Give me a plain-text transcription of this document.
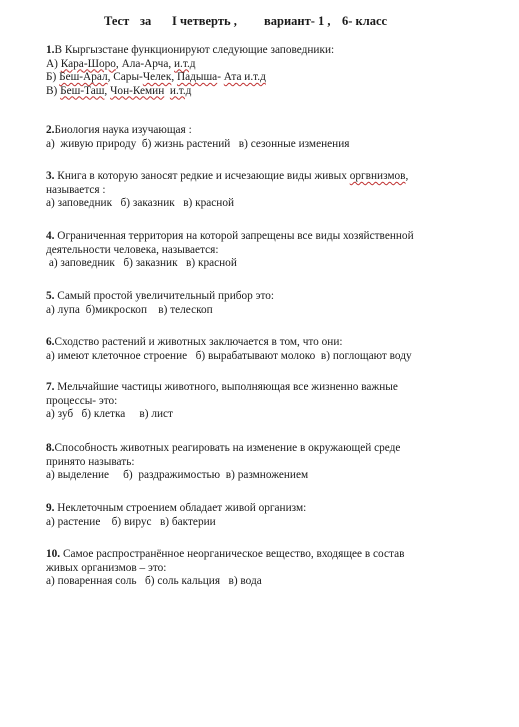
Тест за I четверть , вариант- 1 , 6- класс
1.В Кыргызстане функционируют следующие заповедники:
А) Кара-Шоро, Ала-Арча, и.т.д
Б) Беш-Арал, Сары-Челек, Падыша- Ата и.т.д
В) Беш-Таш, Чон-Кемин и.т.д
2.Биология наука изучающая :
а)  живую природу  б) жизнь растений   в) сезонные изменения
3. Книга в которую заносят редкие и исчезающие виды живых оргвнизмов,
называется :
а) заповедник   б) заказник   в) красной
4. Ограниченная территория на которой запрещены все виды хозяйственной
деятельности человека, называется:
а) заповедник   б) заказник   в) красной
5. Самый простой увеличительный прибор это:
а) лупа  б)микроскоп    в) телескоп
6.Сходство растений и животных заключается в том, что они:
а) имеют клеточное строение   б) вырабатывают молоко  в) поглощают воду
7. Мельчайшие частицы животного, выполняющая все жизненно важные
процессы- это:
а) зуб   б) клетка     в) лист
8.Способность животных реагировать на изменение в окружающей среде
принято называть:
а) выделение     б)  раздражимостью  в) размножением
9. Неклеточным строением обладает живой организм:
а) растение    б) вирус   в) бактерии
10. Самое распространённое неорганическое вещество, входящее в состав
живых организмов – это:
а) поваренная соль   б) соль кальция   в) вода
